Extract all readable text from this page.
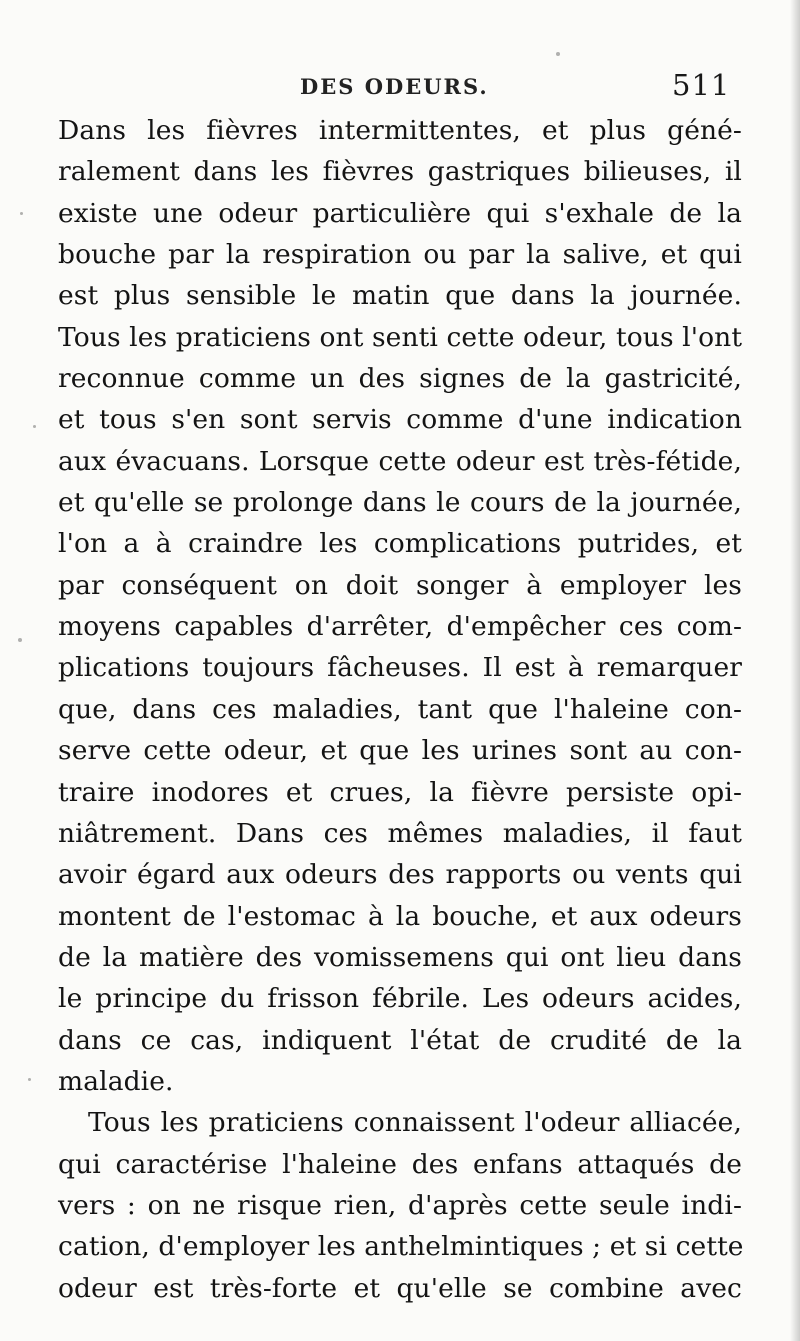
DES ODEURS.	511
Dans les fièvres intermittentes, et plus géné-
ralement dans les fièvres gastriques bilieuses, il
existe une odeur particulière qui s'exhale de la
bouche par la respiration ou par la salive, et qui
est plus sensible le matin que dans la journée.
Tous les praticiens ont senti cette odeur, tous l'ont
reconnue comme un des signes de la gastricité,
et tous s'en sont servis comme d'une indication
aux évacuans. Lorsque cette odeur est très-fétide,
et qu'elle se prolonge dans le cours de la journée,
l'on a à craindre les complications putrides, et
par conséquent on doit songer à employer les
moyens capables d'arrêter, d'empêcher ces com-
plications toujours fâcheuses. Il est à remarquer
que, dans ces maladies, tant que l'haleine con-
serve cette odeur, et que les urines sont au con-
traire inodores et crues, la fièvre persiste opi-
niâtrement. Dans ces mêmes maladies, il faut
avoir égard aux odeurs des rapports ou vents qui
montent de l'estomac à la bouche, et aux odeurs
de la matière des vomissemens qui ont lieu dans
le principe du frisson fébrile. Les odeurs acides,
dans ce cas, indiquent l'état de crudité de la
maladie.
Tous les praticiens connaissent l'odeur alliacée,
qui caractérise l'haleine des enfans attaqués de
vers : on ne risque rien, d'après cette seule indi-
cation, d'employer les anthelmintiques ; et si cette
odeur est très-forte et qu'elle se combine avec
